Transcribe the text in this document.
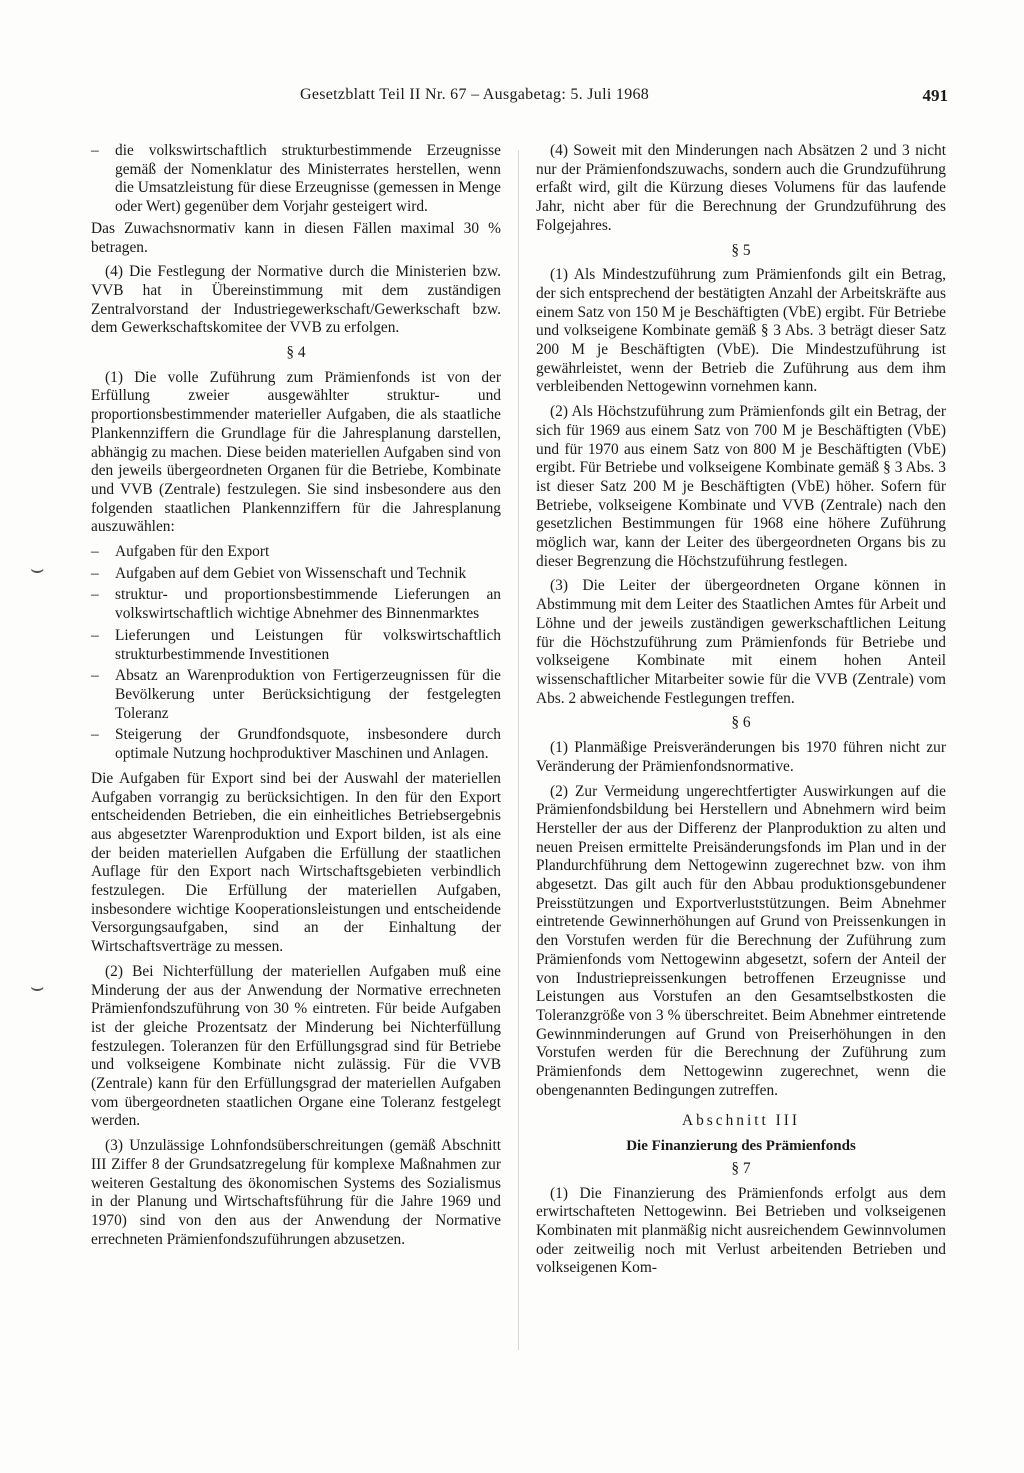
Gesetzblatt Teil II Nr. 67 – Ausgabetag: 5. Juli 1968	491
⌣
⌣
–	die volkswirtschaftlich strukturbestimmende Erzeugnisse gemäß der Nomenklatur des Ministerrates herstellen, wenn die Umsatzleistung für diese Erzeugnisse (gemessen in Menge oder Wert) gegenüber dem Vorjahr gesteigert wird.

Das Zuwachsnormativ kann in diesen Fällen maximal 30 % betragen.

(4) Die Festlegung der Normative durch die Ministerien bzw. VVB hat in Übereinstimmung mit dem zuständigen Zentralvorstand der Industriegewerkschaft/Gewerkschaft bzw. dem Gewerkschaftskomitee der VVB zu erfolgen.

§ 4

(1) Die volle Zuführung zum Prämienfonds ist von der Erfüllung zweier ausgewählter struktur- und proportionsbestimmender materieller Aufgaben, die als staatliche Plankennziffern die Grundlage für die Jahresplanung darstellen, abhängig zu machen. Diese beiden materiellen Aufgaben sind von den jeweils übergeordneten Organen für die Betriebe, Kombinate und VVB (Zentrale) festzulegen. Sie sind insbesondere aus den folgenden staatlichen Plankennziffern für die Jahresplanung auszuwählen:

–	Aufgaben für den Export
–	Aufgaben auf dem Gebiet von Wissenschaft und Technik
–	struktur- und proportionsbestimmende Lieferungen an volkswirtschaftlich wichtige Abnehmer des Binnenmarktes
–	Lieferungen und Leistungen für volkswirtschaftlich strukturbestimmende Investitionen
–	Absatz an Warenproduktion von Fertigerzeugnissen für die Bevölkerung unter Berücksichtigung der festgelegten Toleranz
–	Steigerung der Grundfondsquote, insbesondere durch optimale Nutzung hochproduktiver Maschinen und Anlagen.

Die Aufgaben für Export sind bei der Auswahl der materiellen Aufgaben vorrangig zu berücksichtigen. In den für den Export entscheidenden Betrieben, die ein einheitliches Betriebsergebnis aus abgesetzter Warenproduktion und Export bilden, ist als eine der beiden materiellen Aufgaben die Erfüllung der staatlichen Auflage für den Export nach Wirtschaftsgebieten verbindlich festzulegen. Die Erfüllung der materiellen Aufgaben, insbesondere wichtige Kooperationsleistungen und entscheidende Versorgungsaufgaben, sind an der Einhaltung der Wirtschaftsverträge zu messen.

(2) Bei Nichterfüllung der materiellen Aufgaben muß eine Minderung der aus der Anwendung der Normative errechneten Prämienfondszuführung von 30 % eintreten. Für beide Aufgaben ist der gleiche Prozentsatz der Minderung bei Nichterfüllung festzulegen. Toleranzen für den Erfüllungsgrad sind für Betriebe und volkseigene Kombinate nicht zulässig. Für die VVB (Zentrale) kann für den Erfüllungsgrad der materiellen Aufgaben vom übergeordneten staatlichen Organe eine Toleranz festgelegt werden.

(3) Unzulässige Lohnfondsüberschreitungen (gemäß Abschnitt III Ziffer 8 der Grundsatzregelung für komplexe Maßnahmen zur weiteren Gestaltung des ökonomischen Systems des Sozialismus in der Planung und Wirtschaftsführung für die Jahre 1969 und 1970) sind von den aus der Anwendung der Normative errechneten Prämienfondszuführungen abzusetzen.

(4) Soweit mit den Minderungen nach Absätzen 2 und 3 nicht nur der Prämienfondszuwachs, sondern auch die Grundzuführung erfaßt wird, gilt die Kürzung dieses Volumens für das laufende Jahr, nicht aber für die Berechnung der Grundzuführung des Folgejahres.

§ 5

(1) Als Mindestzuführung zum Prämienfonds gilt ein Betrag, der sich entsprechend der bestätigten Anzahl der Arbeitskräfte aus einem Satz von 150 M je Beschäftigten (VbE) ergibt. Für Betriebe und volkseigene Kombinate gemäß § 3 Abs. 3 beträgt dieser Satz 200 M je Beschäftigten (VbE). Die Mindestzuführung ist gewährleistet, wenn der Betrieb die Zuführung aus dem ihm verbleibenden Nettogewinn vornehmen kann.

(2) Als Höchstzuführung zum Prämienfonds gilt ein Betrag, der sich für 1969 aus einem Satz von 700 M je Beschäftigten (VbE) und für 1970 aus einem Satz von 800 M je Beschäftigten (VbE) ergibt. Für Betriebe und volkseigene Kombinate gemäß § 3 Abs. 3 ist dieser Satz 200 M je Beschäftigten (VbE) höher. Sofern für Betriebe, volkseigene Kombinate und VVB (Zentrale) nach den gesetzlichen Bestimmungen für 1968 eine höhere Zuführung möglich war, kann der Leiter des übergeordneten Organs bis zu dieser Begrenzung die Höchstzuführung festlegen.

(3) Die Leiter der übergeordneten Organe können in Abstimmung mit dem Leiter des Staatlichen Amtes für Arbeit und Löhne und der jeweils zuständigen gewerkschaftlichen Leitung für die Höchstzuführung zum Prämienfonds für Betriebe und volkseigene Kombinate mit einem hohen Anteil wissenschaftlicher Mitarbeiter sowie für die VVB (Zentrale) vom Abs. 2 abweichende Festlegungen treffen.

§ 6

(1) Planmäßige Preisveränderungen bis 1970 führen nicht zur Veränderung der Prämienfondsnormative.

(2) Zur Vermeidung ungerechtfertigter Auswirkungen auf die Prämienfondsbildung bei Herstellern und Abnehmern wird beim Hersteller der aus der Differenz der Planproduktion zu alten und neuen Preisen ermittelte Preisänderungsfonds im Plan und in der Plandurchführung dem Nettogewinn zugerechnet bzw. von ihm abgesetzt. Das gilt auch für den Abbau produktionsgebundener Preisstützungen und Exportverluststützungen. Beim Abnehmer eintretende Gewinnerhöhungen auf Grund von Preissenkungen in den Vorstufen werden für die Berechnung der Zuführung zum Prämienfonds vom Nettogewinn abgesetzt, sofern der Anteil der von Industriepreissenkungen betroffenen Erzeugnisse und Leistungen aus Vorstufen an den Gesamtselbstkosten die Toleranzgröße von 3 % überschreitet. Beim Abnehmer eintretende Gewinnminderungen auf Grund von Preiserhöhungen in den Vorstufen werden für die Berechnung der Zuführung zum Prämienfonds dem Nettogewinn zugerechnet, wenn die obengenannten Bedingungen zutreffen.

Abschnitt III

Die Finanzierung des Prämienfonds

§ 7

(1) Die Finanzierung des Prämienfonds erfolgt aus dem erwirtschafteten Nettogewinn. Bei Betrieben und volkseigenen Kombinaten mit planmäßig nicht ausreichendem Gewinnvolumen oder zeitweilig noch mit Verlust arbeitenden Betrieben und volkseigenen Kom-
